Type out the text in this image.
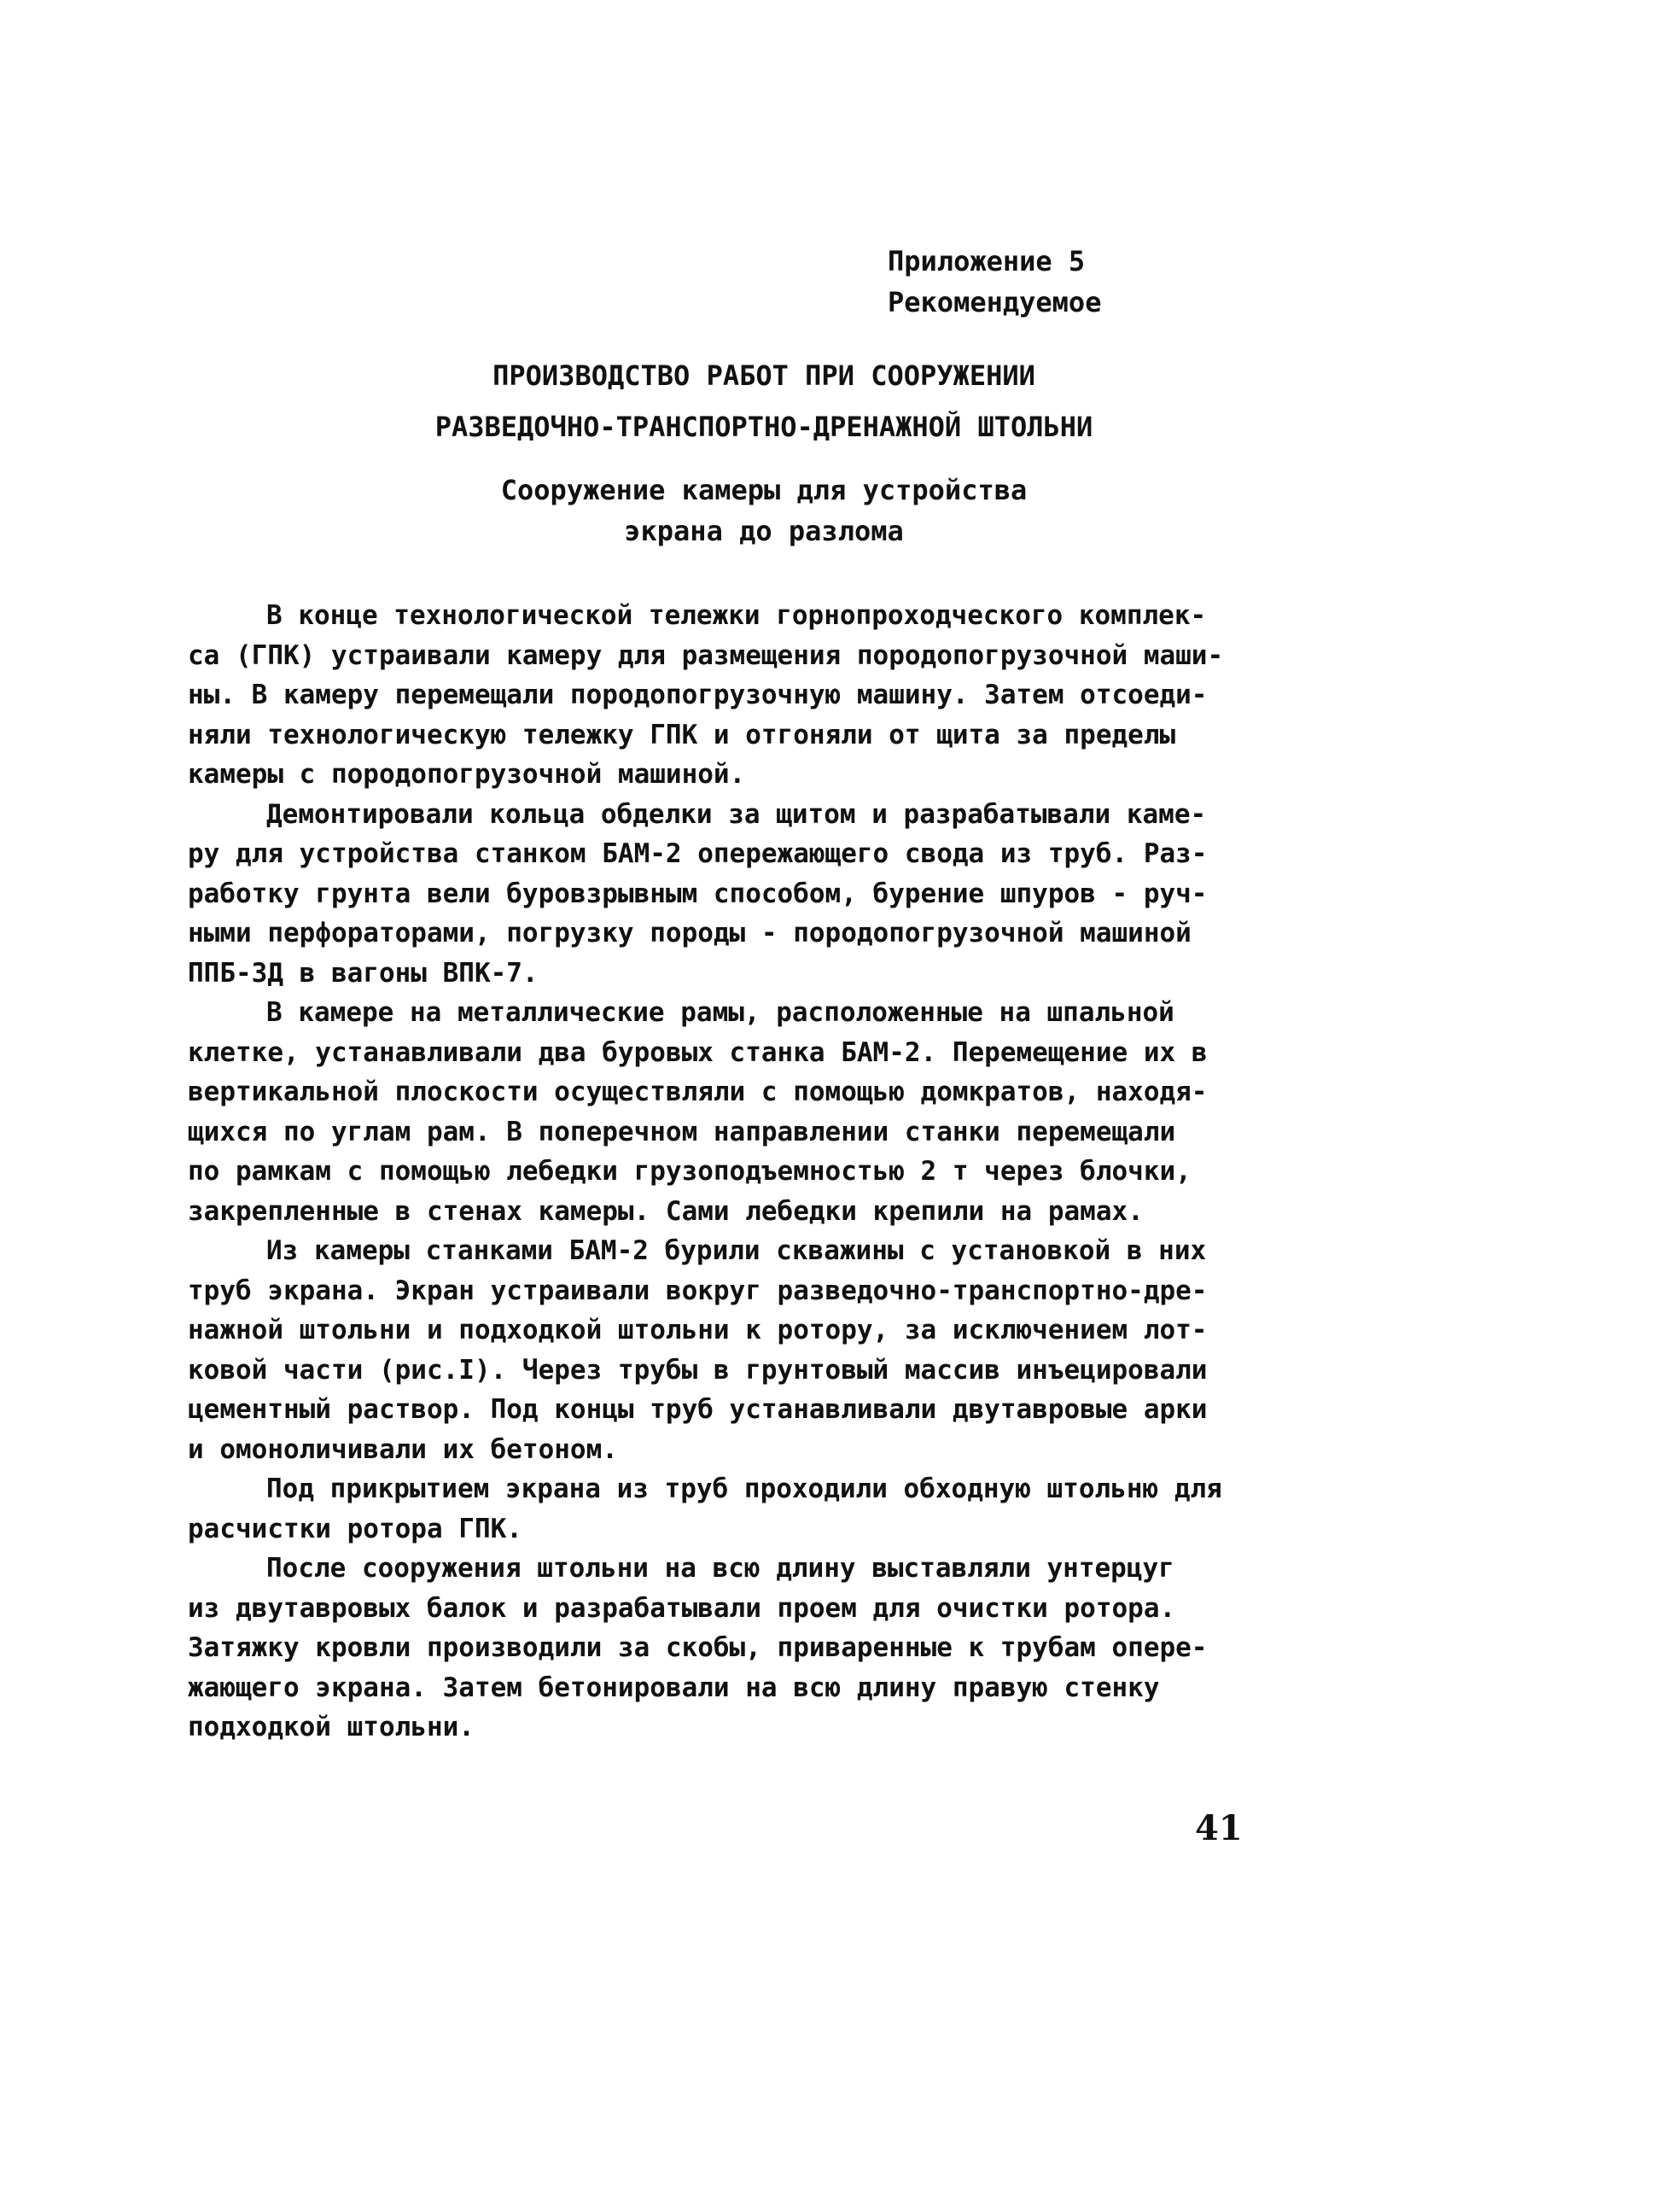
Приложение 5
Рекомендуемое
ПРОИЗВОДСТВО РАБОТ ПРИ СООРУЖЕНИИ
РАЗВЕДОЧНО-ТРАНСПОРТНО-ДРЕНАЖНОЙ ШТОЛЬНИ
Сооружение камеры для устройства
экрана до разлома
В конце технологической тележки горнопроходческого комплек-
са (ГПК) устраивали камеру для размещения породопогрузочной маши-
ны. В камеру перемещали породопогрузочную машину. Затем отсоеди-
няли технологическую тележку ГПК и отгоняли от щита за пределы
камеры с породопогрузочной машиной.
Демонтировали кольца обделки за щитом и разрабатывали каме-
ру для устройства станком БАМ-2 опережающего свода из труб. Раз-
работку грунта вели буровзрывным способом, бурение шпуров - руч-
ными перфораторами, погрузку породы - породопогрузочной машиной
ППБ-3Д в вагоны ВПК-7.
В камере на металлические рамы, расположенные на шпальной
клетке, устанавливали два буровых станка БАМ-2. Перемещение их в
вертикальной плоскости осуществляли с помощью домкратов, находя-
щихся по углам рам. В поперечном направлении станки перемещали
по рамкам с помощью лебедки грузоподъемностью 2 т через блочки,
закрепленные в стенах камеры. Сами лебедки крепили на рамах.
Из камеры станками БАМ-2 бурили скважины с установкой в них
труб экрана. Экран устраивали вокруг разведочно-транспортно-дре-
нажной штольни и подходкой штольни к ротору, за исключением лот-
ковой части (рис.I). Через трубы в грунтовый массив инъецировали
цементный раствор. Под концы труб устанавливали двутавровые арки
и омоноличивали их бетоном.
Под прикрытием экрана из труб проходили обходную штольню для
расчистки ротора ГПК.
После сооружения штольни на всю длину выставляли унтерцуг
из двутавровых балок и разрабатывали проем для очистки ротора.
Затяжку кровли производили за скобы, приваренные к трубам опере-
жающего экрана. Затем бетонировали на всю длину правую стенку
подходкой штольни.
41
